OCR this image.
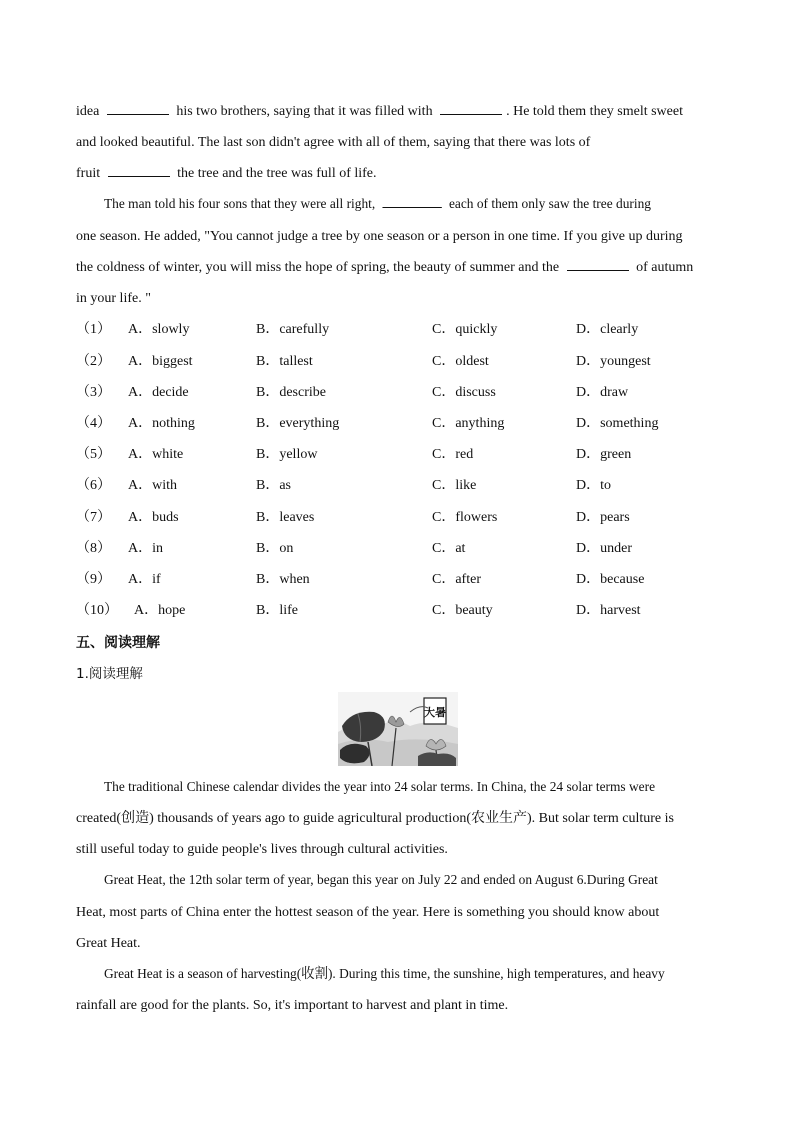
idea	his two brothers, saying that it was filled with	. He told them they smelt sweet
and looked beautiful. The last son didn't agree with all of them, saying that there was lots of
fruit	the tree and the tree was full of life.
The man told his four sons that they were all right,	each of them only saw the tree during
one season. He added, "You cannot judge a tree by one season or a person in one time. If you give up during
the coldness of winter, you will miss the hope of spring, the beauty of summer and the	of autumn
in your life. "
（1） A．slowly	B．carefully	C．quickly	D．clearly
（2） A．biggest	B．tallest	C．oldest	D．youngest
（3） A．decide	B．describe	C．discuss	D．draw
（4） A．nothing	B．everything	C．anything	D．something
（5） A．white	B．yellow	C．red	D．green
（6） A．with	B．as	C．like	D．to
（7） A．buds	B．leaves	C．flowers	D．pears
（8） A．in	B．on	C．at	D．under
（9） A．if	B．when	C．after	D．because
（10） A．hope	B．life	C．beauty	D．harvest
五、阅读理解
1.阅读理解
大暑
The traditional Chinese calendar divides the year into 24 solar terms. In China, the 24 solar terms were
created(创造) thousands of years ago to guide agricultural production(农业生产). But solar term culture is
still useful today to guide people's lives through cultural activities.
Great Heat, the 12th solar term of year, began this year on July 22 and ended on August 6.During Great
Heat, most parts of China enter the hottest season of the year. Here is something you should know about
Great Heat.
Great Heat is a season of harvesting(收割). During this time, the sunshine, high temperatures, and heavy
rainfall are good for the plants. So, it's important to harvest and plant in time.
